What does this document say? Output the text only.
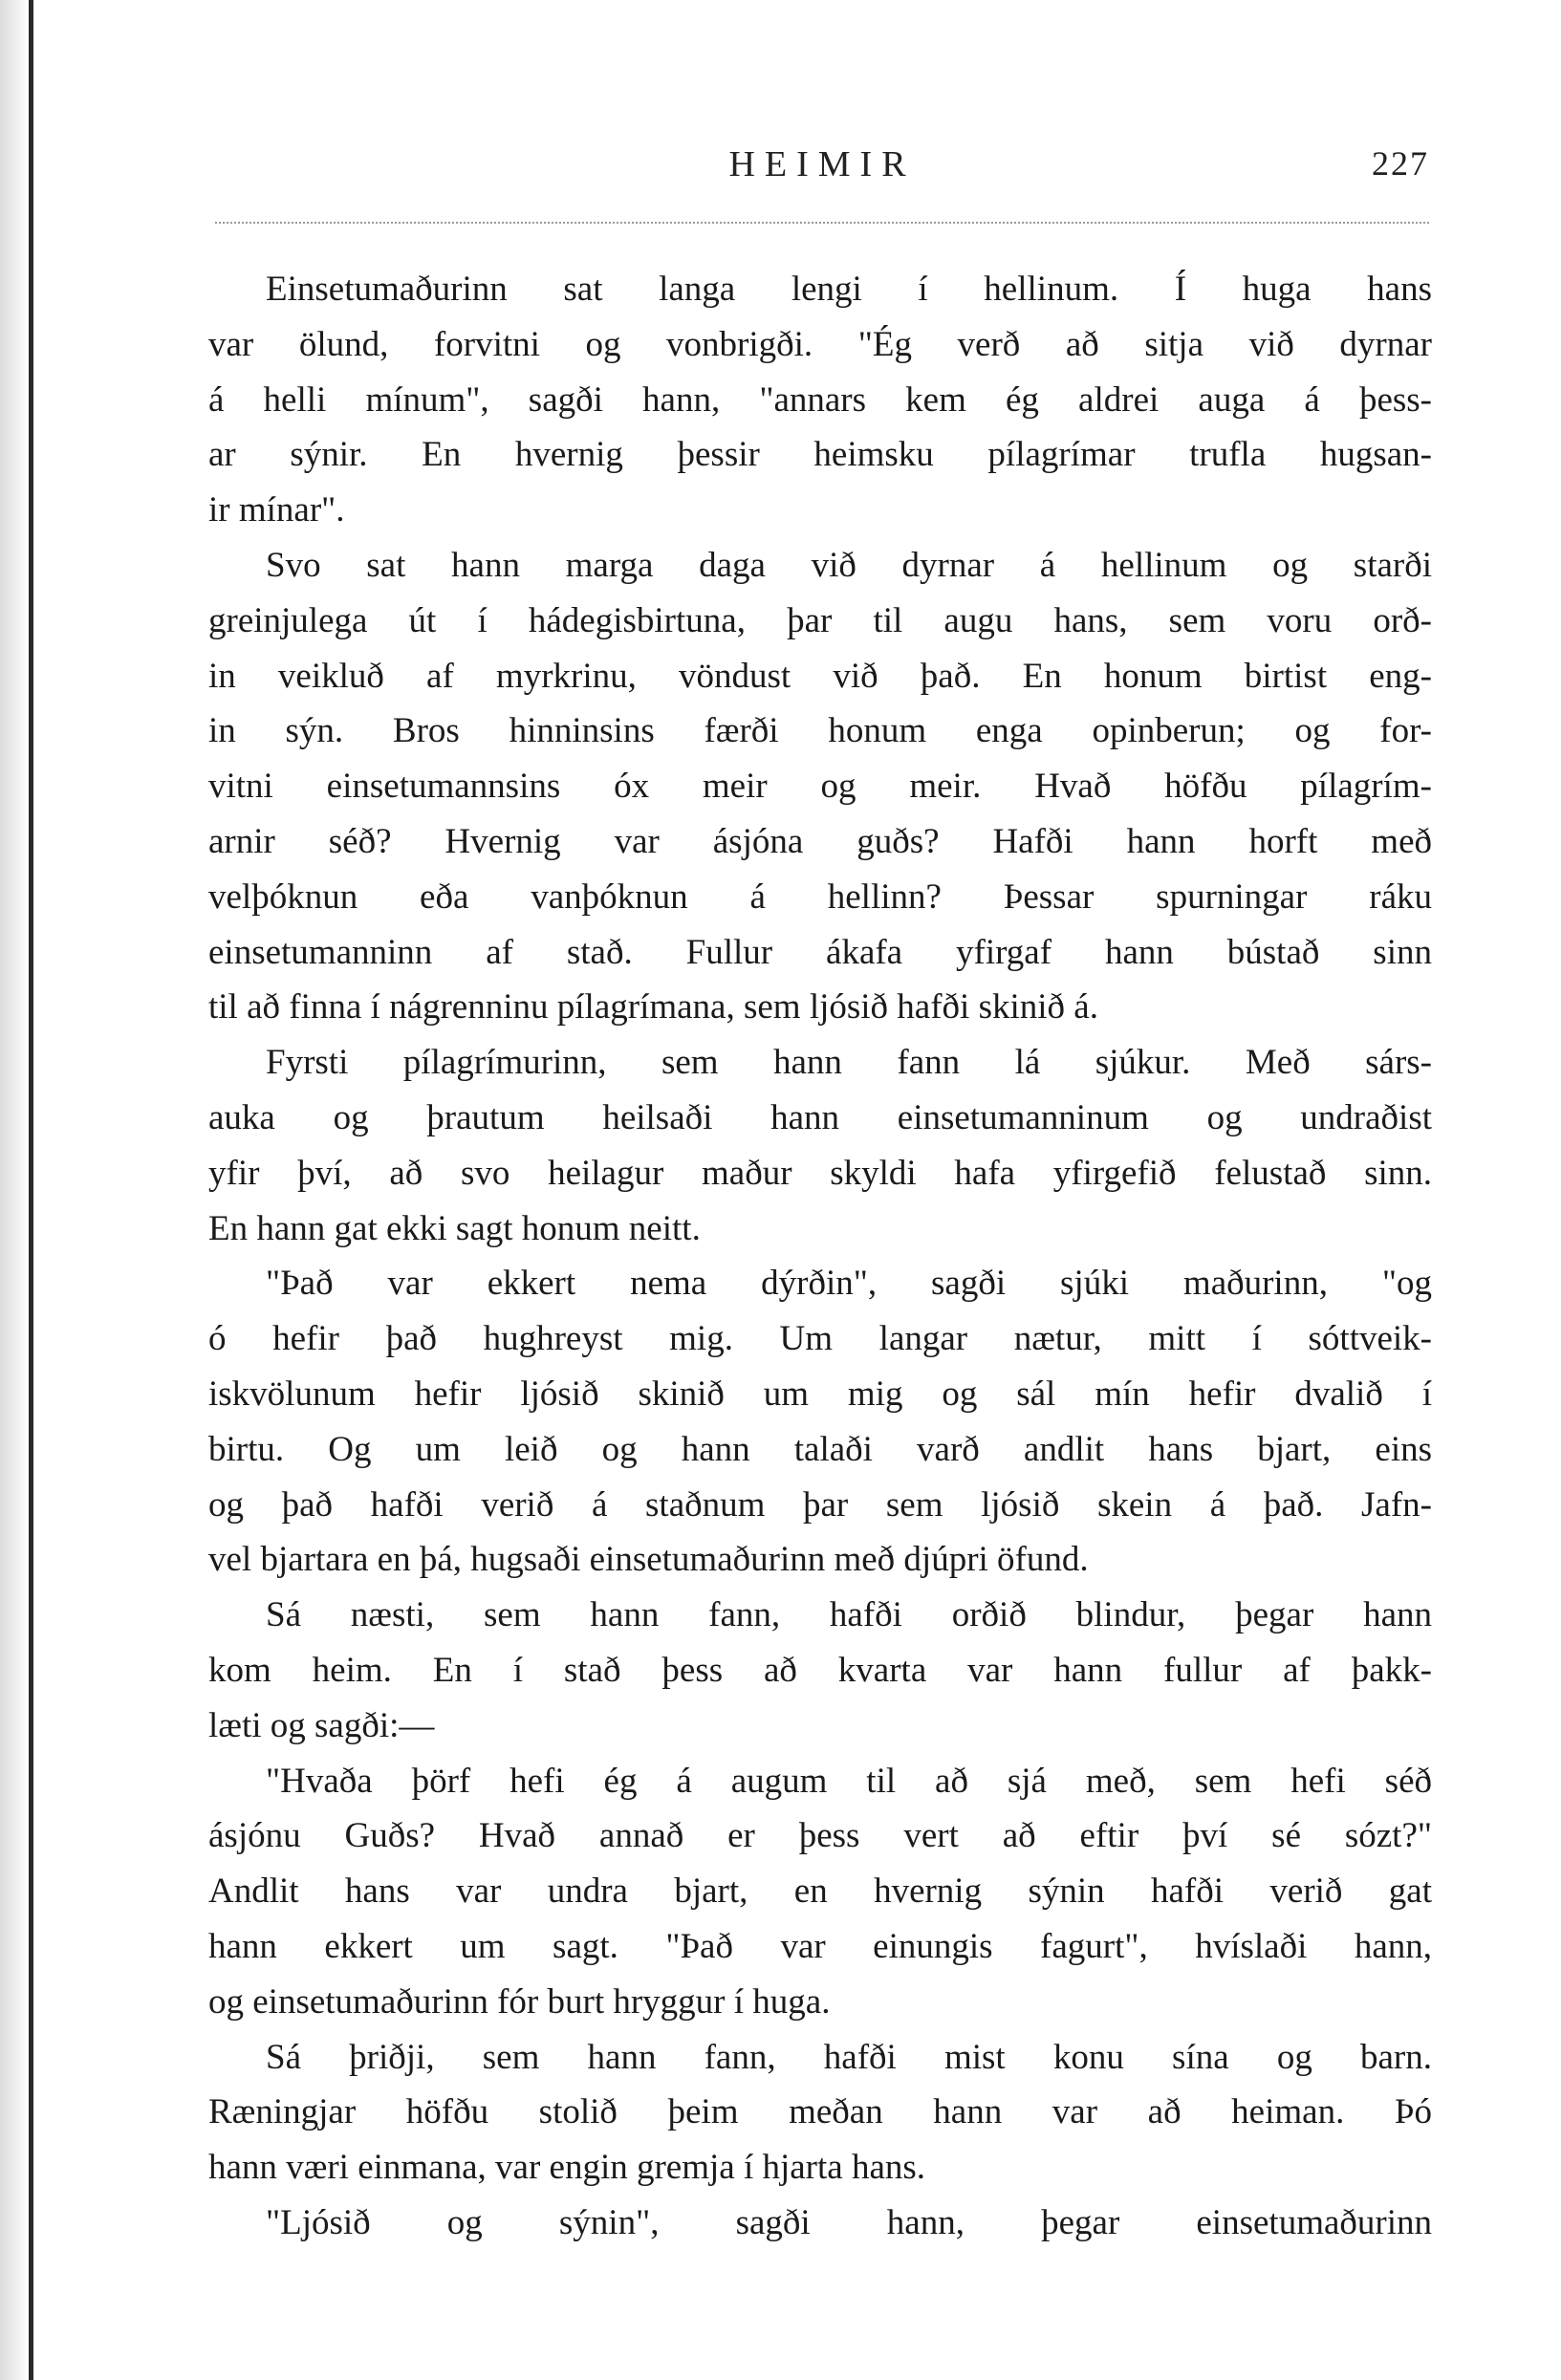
HEIMIR	227
Einsetumaðurinn sat langa lengi í hellinum. Í huga hans
var ölund, forvitni og vonbrigði. "Ég verð að sitja við dyrnar
á helli mínum", sagði hann, "annars kem ég aldrei auga á þess-
ar sýnir. En hvernig þessir heimsku pílagrímar trufla hugsan-
ir mínar".
Svo sat hann marga daga við dyrnar á hellinum og starði
greinjulega út í hádegisbirtuna, þar til augu hans, sem voru orð-
in veikluð af myrkrinu, vöndust við það. En honum birtist eng-
in sýn. Bros hinninsins færði honum enga opinberun; og for-
vitni einsetumannsins óx meir og meir. Hvað höfðu pílagrím-
arnir séð? Hvernig var ásjóna guðs? Hafði hann horft með
velþóknun eða vanþóknun á hellinn? Þessar spurningar ráku
einsetumanninn af stað. Fullur ákafa yfirgaf hann bústað sinn
til að finna í nágrenninu pílagrímana, sem ljósið hafði skinið á.
Fyrsti pílagrímurinn, sem hann fann lá sjúkur. Með sárs-
auka og þrautum heilsaði hann einsetumanninum og undraðist
yfir því, að svo heilagur maður skyldi hafa yfirgefið felustað sinn.
En hann gat ekki sagt honum neitt.
"Það var ekkert nema dýrðin", sagði sjúki maðurinn, "og
ó hefir það hughreyst mig. Um langar nætur, mitt í sóttveik-
iskvölunum hefir ljósið skinið um mig og sál mín hefir dvalið í
birtu. Og um leið og hann talaði varð andlit hans bjart, eins
og það hafði verið á staðnum þar sem ljósið skein á það. Jafn-
vel bjartara en þá, hugsaði einsetumaðurinn með djúpri öfund.
Sá næsti, sem hann fann, hafði orðið blindur, þegar hann
kom heim. En í stað þess að kvarta var hann fullur af þakk-
læti og sagði:—
"Hvaða þörf hefi ég á augum til að sjá með, sem hefi séð
ásjónu Guðs? Hvað annað er þess vert að eftir því sé sózt?"
Andlit hans var undra bjart, en hvernig sýnin hafði verið gat
hann ekkert um sagt. "Það var einungis fagurt", hvíslaði hann,
og einsetumaðurinn fór burt hryggur í huga.
Sá þriðji, sem hann fann, hafði mist konu sína og barn.
Ræningjar höfðu stolið þeim meðan hann var að heiman. Þó
hann væri einmana, var engin gremja í hjarta hans.
"Ljósið og sýnin", sagði hann, þegar einsetumaðurinn
